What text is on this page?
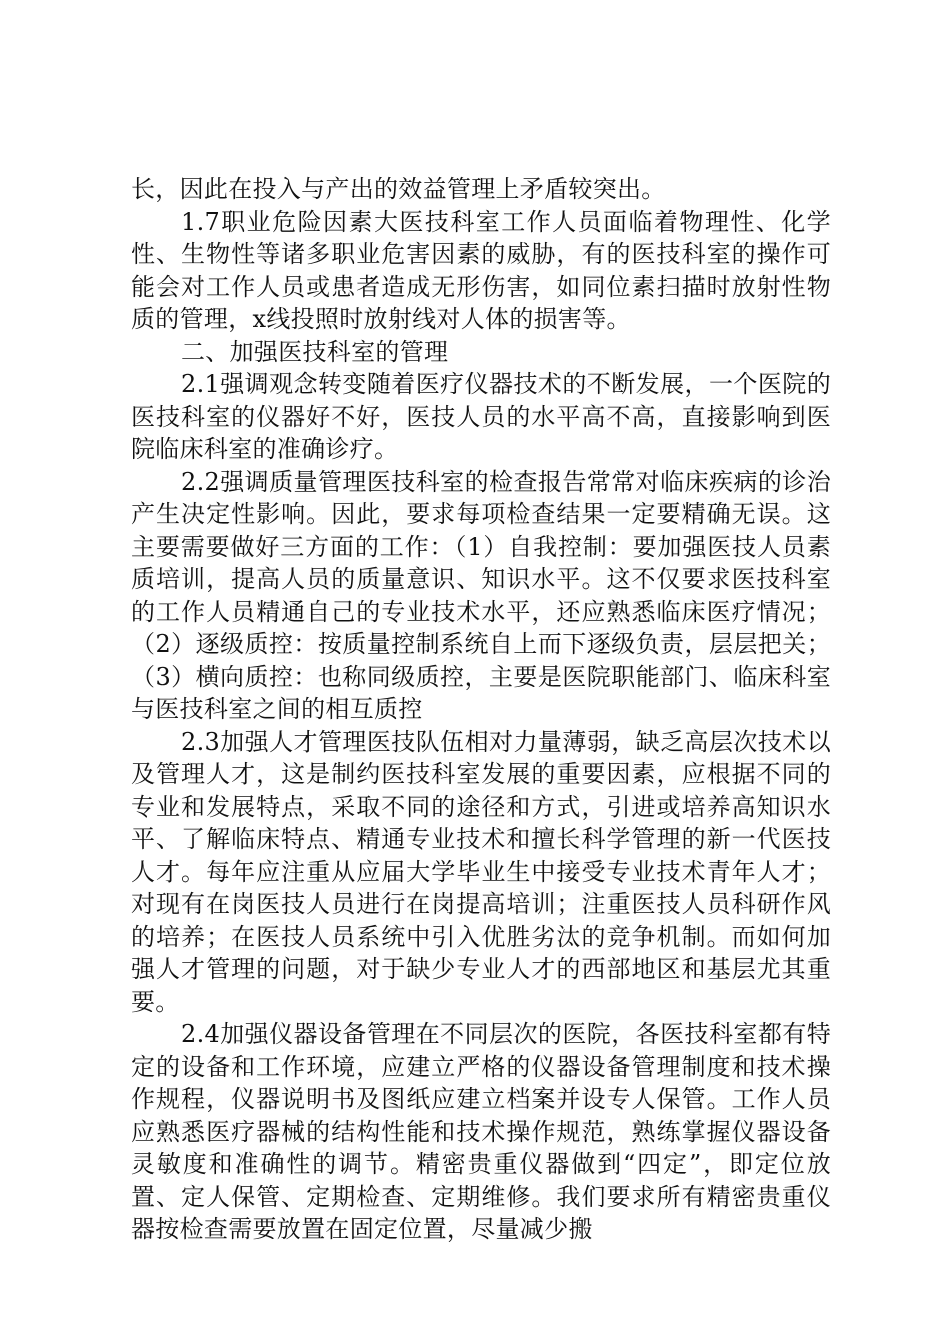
长，因此在投入与产出的效益管理上矛盾较突出。

1.7职业危险因素大医技科室工作人员面临着物理性、化学性、生物性等诸多职业危害因素的威胁，有的医技科室的操作可能会对工作人员或患者造成无形伤害，如同位素扫描时放射性物质的管理，x线投照时放射线对人体的损害等。

二、加强医技科室的管理

2.1强调观念转变随着医疗仪器技术的不断发展，一个医院的医技科室的仪器好不好，医技人员的水平高不高，直接影响到医院临床科室的准确诊疗。

2.2强调质量管理医技科室的检查报告常常对临床疾病的诊治产生决定性影响。因此，要求每项检查结果一定要精确无误。这主要需要做好三方面的工作：（1）自我控制：要加强医技人员素质培训，提高人员的质量意识、知识水平。这不仅要求医技科室的工作人员精通自己的专业技术水平，还应熟悉临床医疗情况；（2）逐级质控：按质量控制系统自上而下逐级负责，层层把关；（3）横向质控：也称同级质控，主要是医院职能部门、临床科室与医技科室之间的相互质控

2.3加强人才管理医技队伍相对力量薄弱，缺乏高层次技术以及管理人才，这是制约医技科室发展的重要因素，应根据不同的专业和发展特点，采取不同的途径和方式，引进或培养高知识水平、了解临床特点、精通专业技术和擅长科学管理的新一代医技人才。每年应注重从应届大学毕业生中接受专业技术青年人才；对现有在岗医技人员进行在岗提高培训；注重医技人员科研作风的培养；在医技人员系统中引入优胜劣汰的竞争机制。而如何加强人才管理的问题，对于缺少专业人才的西部地区和基层尤其重要。

2.4加强仪器设备管理在不同层次的医院，各医技科室都有特定的设备和工作环境，应建立严格的仪器设备管理制度和技术操作规程，仪器说明书及图纸应建立档案并设专人保管。工作人员应熟悉医疗器械的结构性能和技术操作规范，熟练掌握仪器设备灵敏度和准确性的调节。精密贵重仪器做到“四定”，即定位放置、定人保管、定期检查、定期维修。我们要求所有精密贵重仪器按检查需要放置在固定位置，尽量减少搬
